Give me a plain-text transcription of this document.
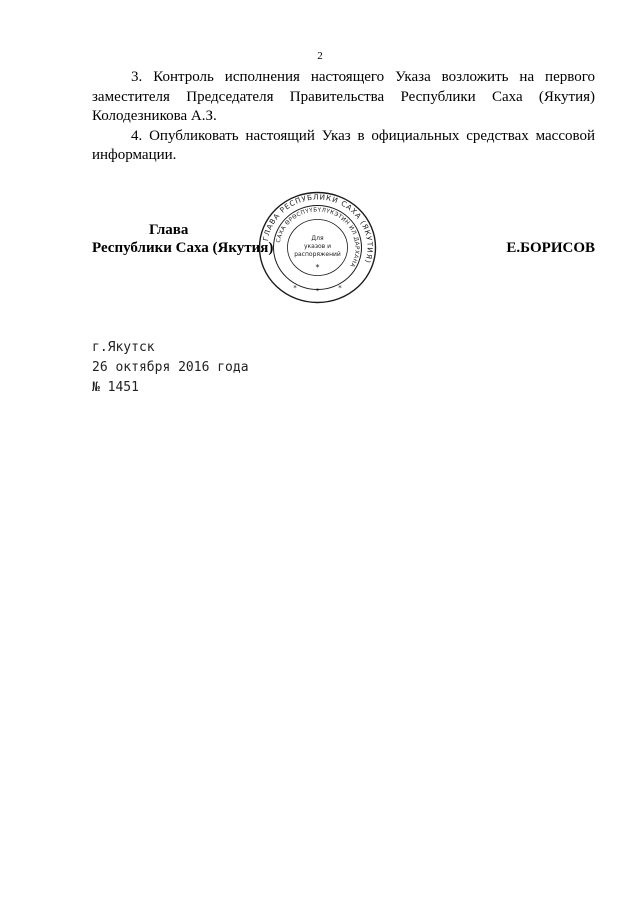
2

3. Контроль исполнения настоящего Указа возложить на первого заместителя Председателя Правительства Республики Саха (Якутия) Колодезникова А.З.

4. Опубликовать настоящий Указ в официальных средствах массовой информации.

Глава
Республики Саха (Якутия)	Е.БОРИСОВ
ГЛАВА РЕСПУБЛИКИ САХА (ЯКУТИЯ)
САХА ӨРӨСПҮҮБҮЛҮКЭТИН ИЛ ДАРХАНА
Для
указов и
распоряжений
*
*	*	*
г.Якутск
26 октября 2016 года
№ 1451
